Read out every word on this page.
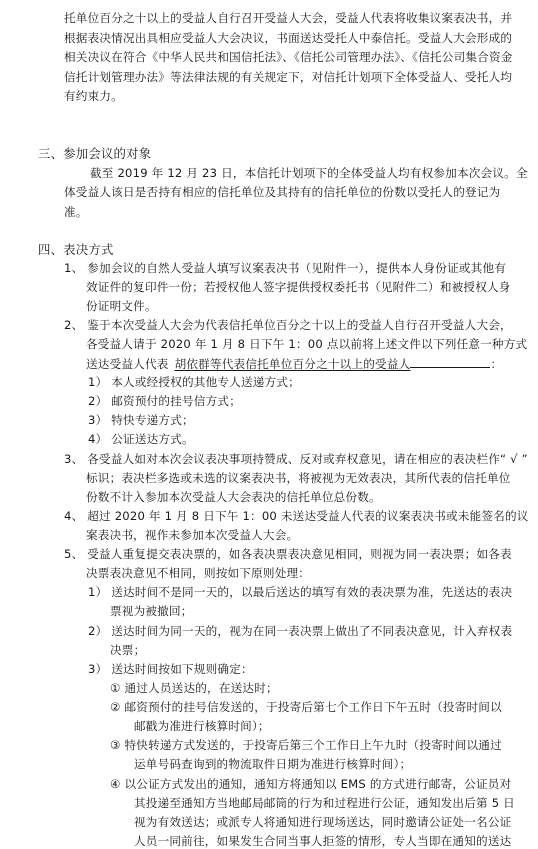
托单位百分之十以上的受益人自行召开受益人大会，受益人代表将收集议案表决书，并
根据表决情况出具相应受益人大会决议，书面送达受托人中泰信托。受益人大会形成的
相关决议在符合《中华人民共和国信托法》、《信托公司管理办法》、《信托公司集合资金
信托计划管理办法》等法律法规的有关规定下，对信托计划项下全体受益人、受托人均
有约束力。
三、参加会议的对象
截至 2019 年 12 月 23 日，本信托计划项下的全体受益人均有权参加本次会议。全
体受益人该日是否持有相应的信托单位及其持有的信托单位的份数以受托人的登记为
准。
四、表决方式
1、 参加会议的自然人受益人填写议案表决书（见附件一），提供本人身份证或其他有
效证件的复印件一份；若授权他人签字提供授权委托书（见附件二）和被授权人身
份证明文件。
2、 鉴于本次受益人大会为代表信托单位百分之十以上的受益人自行召开受益人大会，
各受益人请于 2020 年 1 月 8 日下午 1：00 点以前将上述文件以下列任意一种方式
送达受益人代表 胡依群等代表信托单位百分之十以上的受益人	：
1） 本人或经授权的其他专人送递方式；
2） 邮资预付的挂号信方式；
3） 特快专递方式；
4） 公证送达方式。
3、 各受益人如对本次会议表决事项持赞成、反对或弃权意见，请在相应的表决栏作“ √ ”
标识；表决栏多选或未选的议案表决书，将被视为无效表决，其所代表的信托单位
份数不计入参加本次受益人大会表决的信托单位总份数。
4、 超过 2020 年 1 月 8 日下午 1：00 未送达受益人代表的议案表决书或未能签名的议
案表决书，视作未参加本次受益人大会。
5、 受益人重复提交表决票的，如各表决票表决意见相同，则视为同一表决票；如各表
决票表决意见不相同，则按如下原则处理：
1） 送达时间不是同一天的，以最后送达的填写有效的表决票为准，先送达的表决
票视为被撤回；
2） 送达时间为同一天的，视为在同一表决票上做出了不同表决意见，计入弃权表
决票；
3） 送达时间按如下规则确定：
① 通过人员送达的，在送达时；
② 邮资预付的挂号信发送的，于投寄后第七个工作日下午五时（投寄时间以
邮戳为准进行核算时间）；
③ 特快转递方式发送的，于投寄后第三个工作日上午九时（投寄时间以通过
运单号码查询到的物流取件日期为准进行核算时间）；
④ 以公证方式发出的通知，通知方将通知以 EMS 的方式进行邮寄，公证员对
其投递至通知方当地邮局邮筒的行为和过程进行公证，通知发出后第 5 日
视为有效送达；或派专人将通知进行现场送达，同时邀请公证处一名公证
人员一同前往，如果发生合同当事人拒签的情形，专人当即在通知的送达
